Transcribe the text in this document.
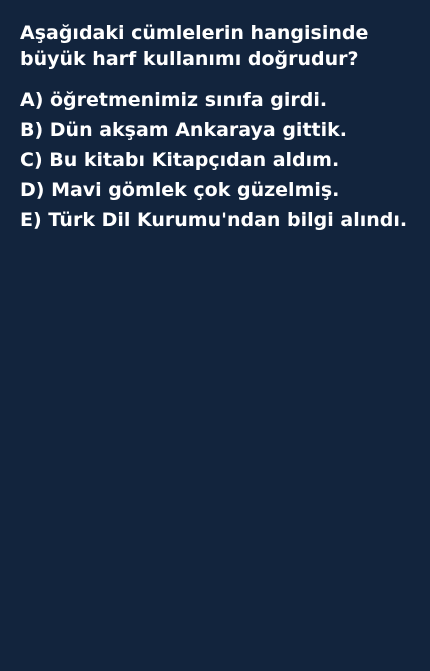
Aşağıdaki cümlelerin hangisinde büyük harf kullanımı doğrudur?

A) öğretmenimiz sınıfa girdi.
B) Dün akşam Ankaraya gittik.
C) Bu kitabı Kitapçıdan aldım.
D) Mavi gömlek çok güzelmiş.
E) Türk Dil Kurumu'ndan bilgi alındı.
